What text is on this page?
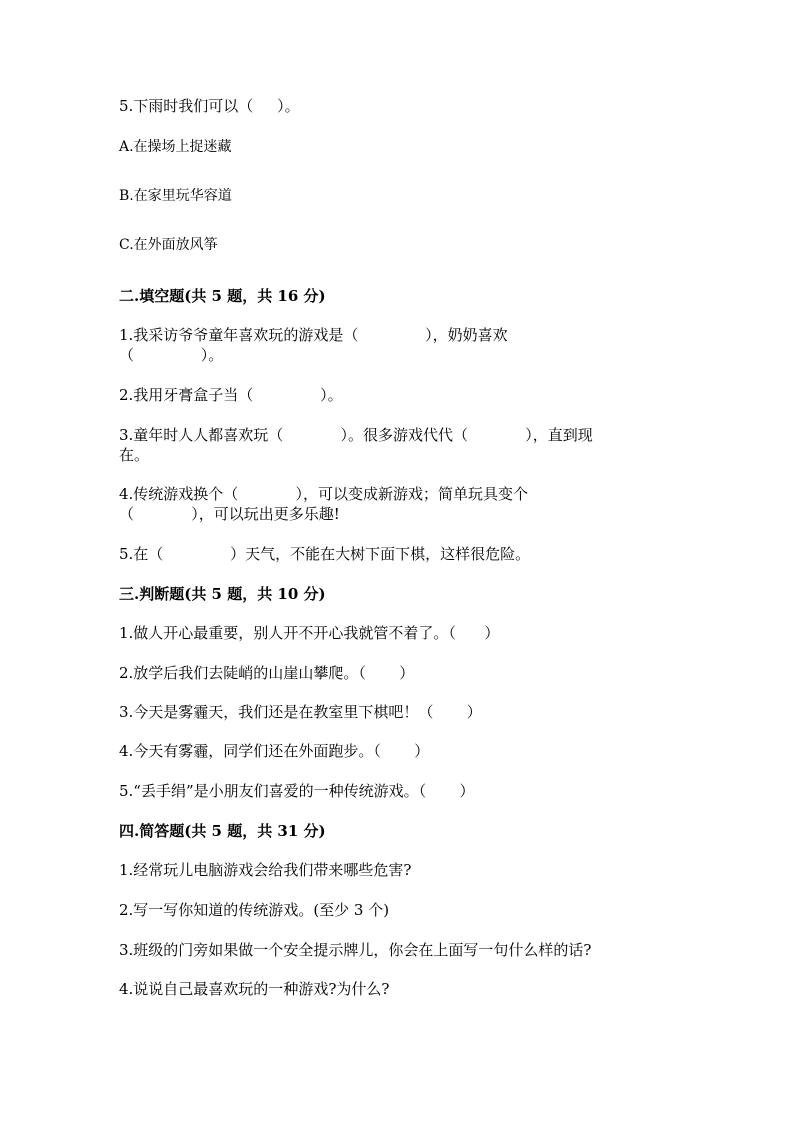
5.下雨时我们可以（     ）。
A.在操场上捉迷藏
B.在家里玩华容道
C.在外面放风筝
二.填空题(共 5 题，共 16 分)
1.我采访爷爷童年喜欢玩的游戏是（              ），奶奶喜欢
（              ）。
2.我用牙膏盒子当（              ）。
3.童年时人人都喜欢玩（            ）。很多游戏代代（            ），直到现
在。
4.传统游戏换个（            ），可以变成新游戏；简单玩具变个
（            ），可以玩出更多乐趣!
5.在（              ）天气，不能在大树下面下棋，这样很危险。
三.判断题(共 5 题，共 10 分)
1.做人开心最重要，别人开不开心我就管不着了。（      ）
2.放学后我们去陡峭的山崖山攀爬。（       ）
3.今天是雾霾天，我们还是在教室里下棋吧！（       ）
4.今天有雾霾，同学们还在外面跑步。（       ）
5.“丢手绢”是小朋友们喜爱的一种传统游戏。（       ）
四.简答题(共 5 题，共 31 分)
1.经常玩儿电脑游戏会给我们带来哪些危害?
2.写一写你知道的传统游戏。(至少 3 个)
3.班级的门旁如果做一个安全提示牌儿，你会在上面写一句什么样的话?
4.说说自己最喜欢玩的一种游戏?为什么?
